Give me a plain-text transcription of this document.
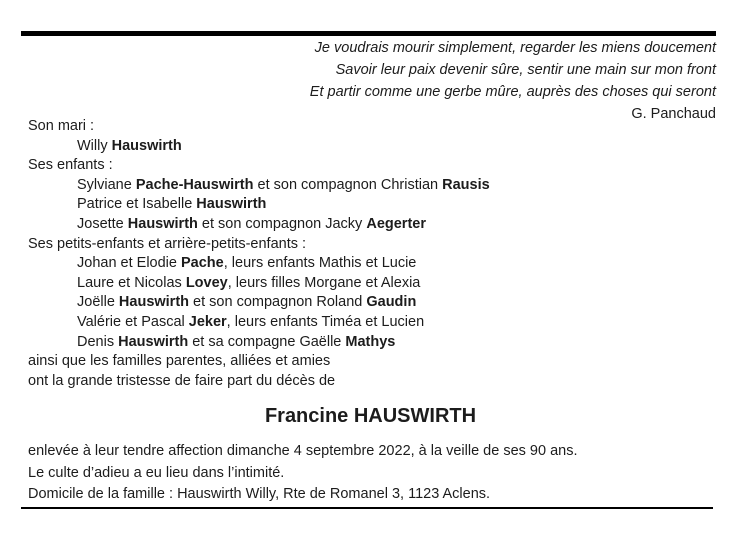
Je voudrais mourir simplement, regarder les miens doucement
Savoir leur paix devenir sûre, sentir une main sur mon front
Et partir comme une gerbe mûre, auprès des choses qui seront
G. Panchaud
Son mari :
Willy Hauswirth
Ses enfants :
Sylviane Pache-Hauswirth et son compagnon Christian Rausis
Patrice et Isabelle Hauswirth
Josette Hauswirth et son compagnon Jacky Aegerter
Ses petits-enfants et arrière-petits-enfants :
Johan et Elodie Pache, leurs enfants Mathis et Lucie
Laure et Nicolas Lovey, leurs filles Morgane et Alexia
Joëlle Hauswirth et son compagnon Roland Gaudin
Valérie et Pascal Jeker, leurs enfants Timéa et Lucien
Denis Hauswirth et sa compagne Gaëlle Mathys
ainsi que les familles parentes, alliées et amies
ont la grande tristesse de faire part du décès de
Francine HAUSWIRTH
enlevée à leur tendre affection dimanche 4 septembre 2022, à la veille de ses 90 ans.
Le culte d’adieu a eu lieu dans l’intimité.
Domicile de la famille : Hauswirth Willy, Rte de Romanel 3, 1123 Aclens.
